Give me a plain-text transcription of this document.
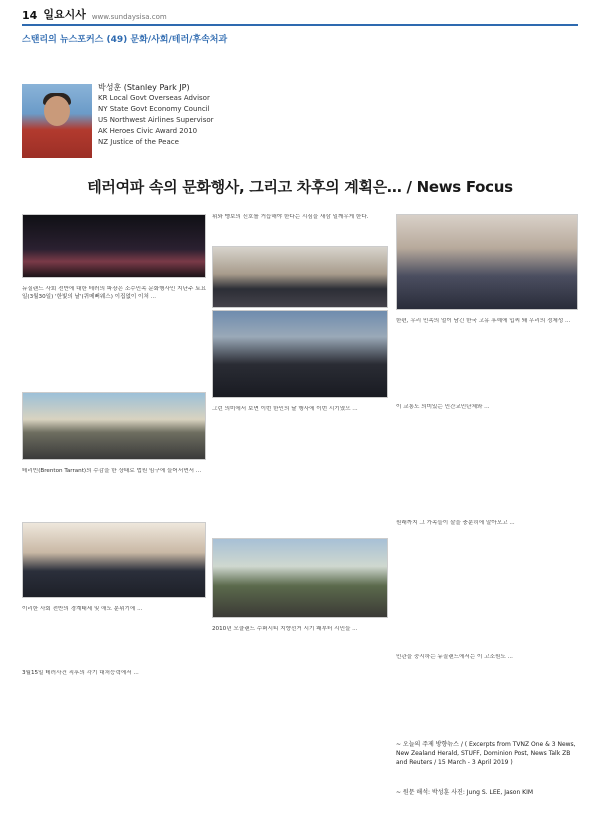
14 일요시사 www.sundaysisa.com
스탠리의 뉴스포커스 (49) 문화/사회/테러/후속처과
박성훈 (Stanley Park JP)
KR Local Govt Overseas Advisor
NY State Govt Economy Council
US Northwest Airlines Supervisor
AK Heroes Civic Award 2010
NZ Justice of the Peace
테러여파 속의 문화행사, 그리고 차후의 계획은… / News Focus

뉴질랜드 사회 전반에 대한 테러의 파장은 소수민족 문화행사인 지난주 토요일(3월30일) '한빛의 날'(퀴메뻐웨스) 이집없이 이처 ...

테리빈(Brenton Tarrant)의 수감을 한 상태로 법원 임구에 들어서면서 ...

이리한 사회 전반의 경계태세 및 애도 분위기에 ...

3월15일 테러사건 직후의 각기 대처능력에서 ...

위와 맹보의 신호를 거듭해야 한다는 시심을 새삼 일깨우게 한다.

그런 의미에서 보면 이번 한인의 날 행사에 이번 시기였으 ...

2010년 오클랜드 수퍼시티 지향선거 시기 패부터 시민들 ...

한편, 우리 민족의 얼이 남긴 한국 고유 후예에 입씨 돼 우리의 정체성 ...

이 교통도 의미있는 민간교민단체와 ...

원래까지 그 가족들이 살을 충분히에 알아오고 ...

민관을 중시하는 뉴질랜드에서는 이 고소원도 ...

~ 오늘의 주제 방향뉴스 / ( Excerpts from TVNZ One & 3 News, New Zealand Herald, STUFF, Dominion Post, News Talk ZB and Reuters / 15 March - 3 April 2019 )
~ 원문 해석: 박성훈 사진: Jung S. LEE, Jason KIM
